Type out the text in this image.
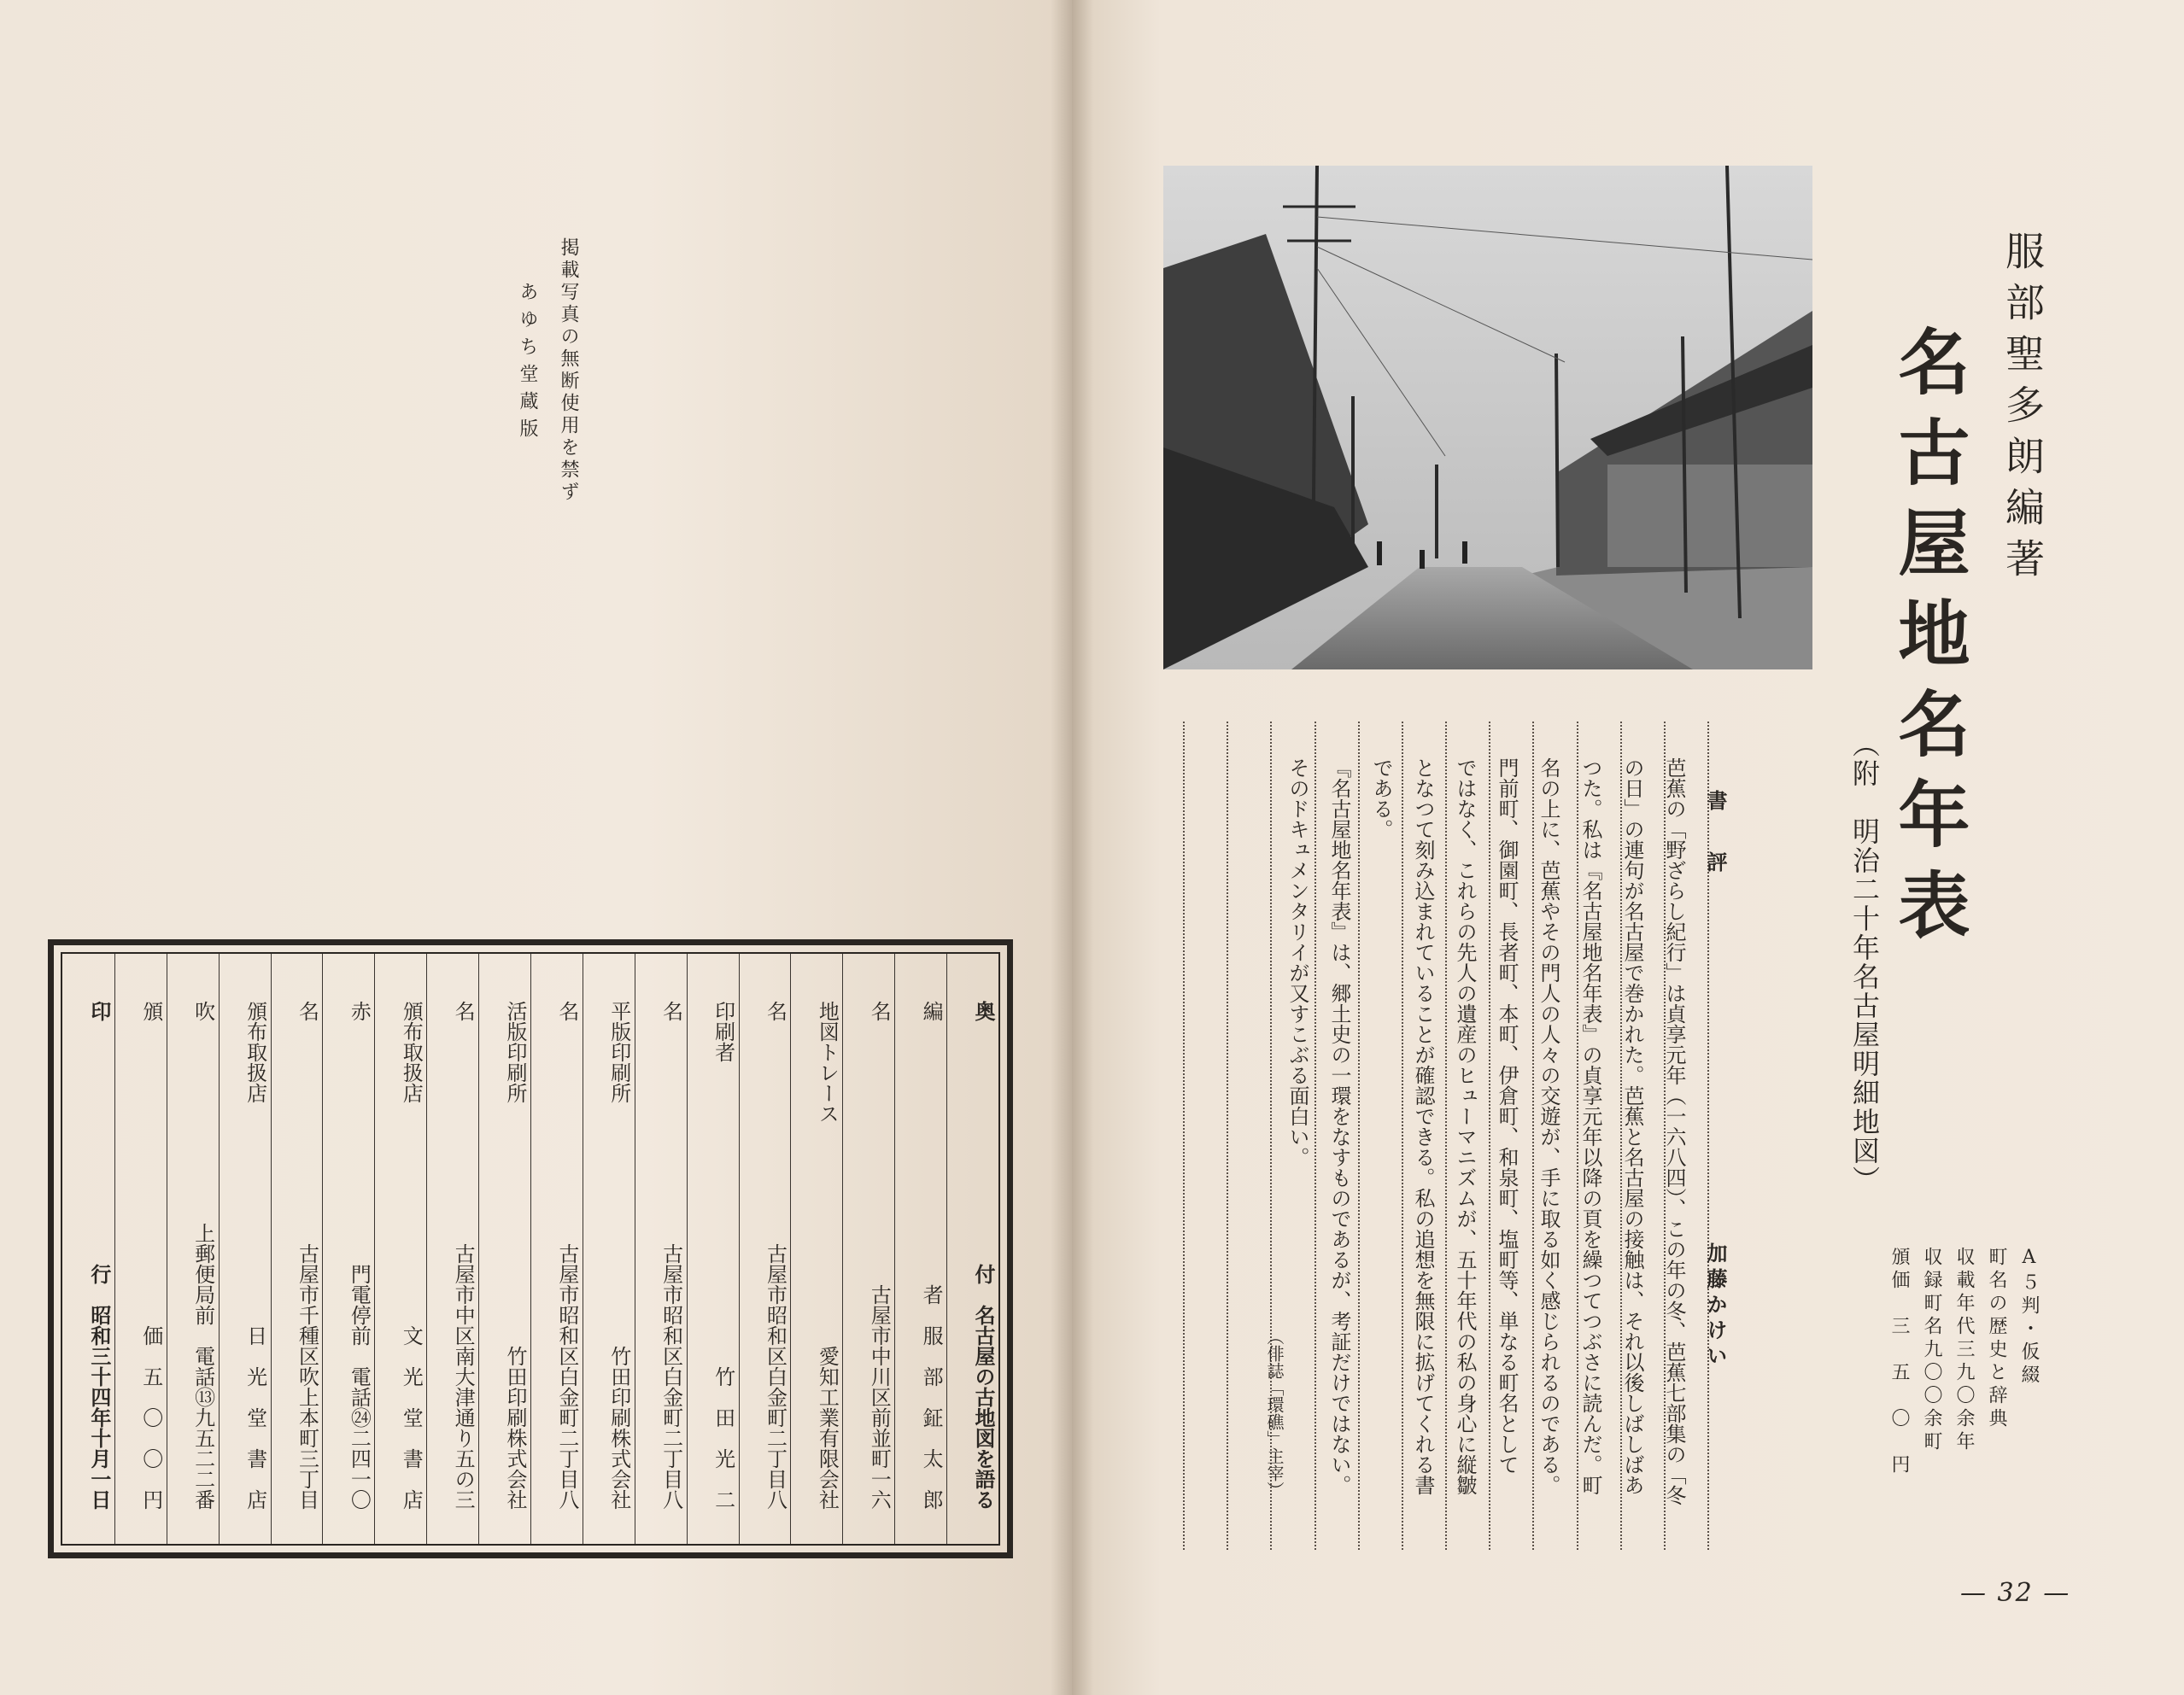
掲載写真の無断使用を禁ず
あゆち堂蔵版
奥
付　名古屋の古地図を語る
編
者　服　部　鉦　太　郎
名
古屋市中川区前並町一六
地図トレース
愛知工業有限会社
名
古屋市昭和区白金町二丁目八
印刷者
竹　田　光　二
名
古屋市昭和区白金町二丁目八
平版印刷所
竹田印刷株式会社
名
古屋市昭和区白金町二丁目八
活版印刷所
竹田印刷株式会社
名
古屋市中区南大津通り五の三
頒布取扱店
文　光　堂　書　店
赤
門電停前　電話㉔二四一〇
名
古屋市千種区吹上本町三丁目
頒布取扱店
日　光　堂　書　店
吹
上郵便局前　電話⑬九五二二番
頒
価　五　〇　〇　円
印
行　昭和三十四年十月一日
服部聖多朗編著
名古屋地名年表
（附　明治二十年名古屋明細地図）
書　　評
加藤かけい
芭蕉の「野ざらし紀行」は貞享元年（一六八四）、この年の冬、芭蕉七部集の「冬
の日」の連句が名古屋で巻かれた。芭蕉と名古屋の接触は、それ以後しばしばあ
つた。私は『名古屋地名年表』の貞享元年以降の頁を繰つてつぶさに読んだ。町
名の上に、芭蕉やその門人の人々の交遊が、手に取る如く感じられるのである。
門前町、御園町、長者町、本町、伊倉町、和泉町、塩町等、単なる町名として
ではなく、これらの先人の遺産のヒューマニズムが、五十年代の私の身心に縦皺
となつて刻み込まれていることが確認できる。私の追想を無限に拡げてくれる書
である。
『名古屋地名年表』は、郷土史の一環をなすものであるが、考証だけではない。
そのドキュメンタリイが又すこぶる面白い。
（俳誌「環礁」主宰）
— 32 —
A５判・仮綴
町名の歴史と辞典
収載年代三九〇余年
収録町名九〇〇余町
頒価　三　五　〇　円
